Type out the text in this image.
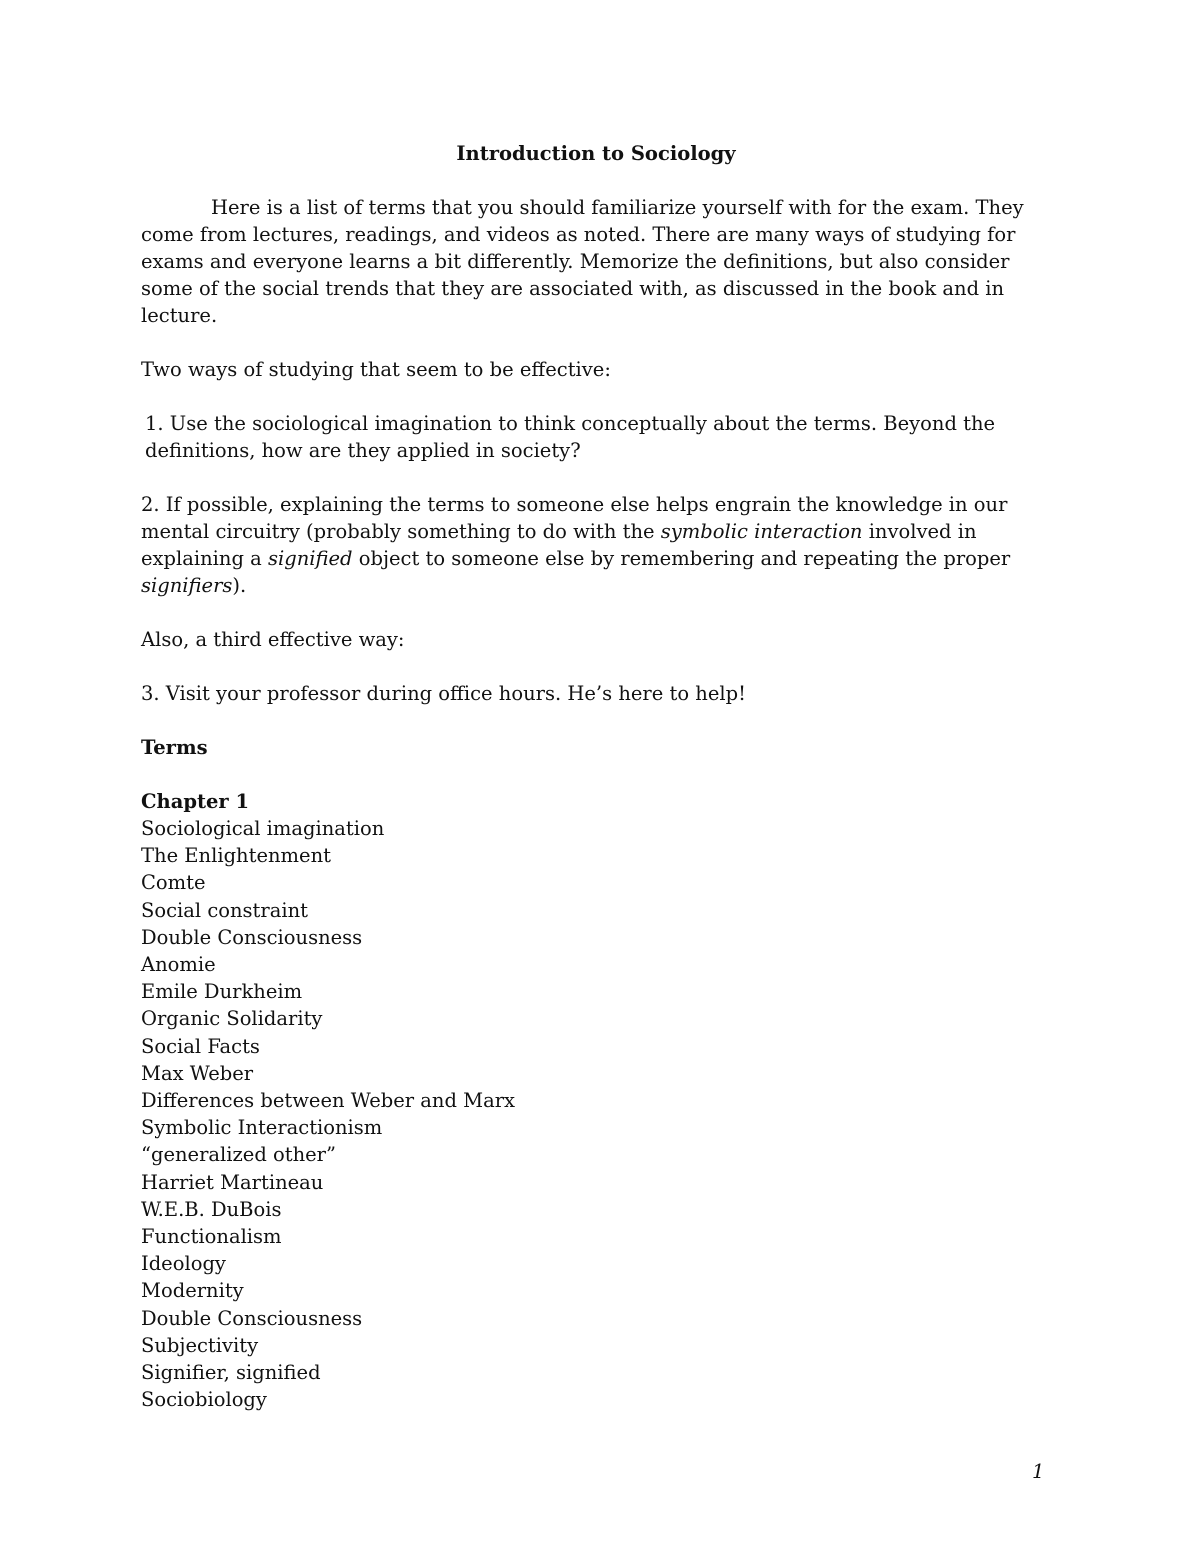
Introduction to Sociology

Here is a list of terms that you should familiarize yourself with for the exam. They come from lectures, readings, and videos as noted. There are many ways of studying for exams and everyone learns a bit differently. Memorize the definitions, but also consider some of the social trends that they are associated with, as discussed in the book and in lecture.

Two ways of studying that seem to be effective:

1. Use the sociological imagination to think conceptually about the terms. Beyond the definitions, how are they applied in society?

2. If possible, explaining the terms to someone else helps engrain the knowledge in our mental circuitry (probably something to do with the symbolic interaction involved in explaining a signified object to someone else by remembering and repeating the proper signifiers).

Also, a third effective way:

3. Visit your professor during office hours. He’s here to help!

Terms
Chapter 1
Sociological imagination
The Enlightenment
Comte
Social constraint
Double Consciousness
Anomie
Emile Durkheim
Organic Solidarity
Social Facts
Max Weber
Differences between Weber and Marx
Symbolic Interactionism
“generalized other”
Harriet Martineau
W.E.B. DuBois
Functionalism
Ideology
Modernity
Double Consciousness
Subjectivity
Signifier, signified
Sociobiology
1
